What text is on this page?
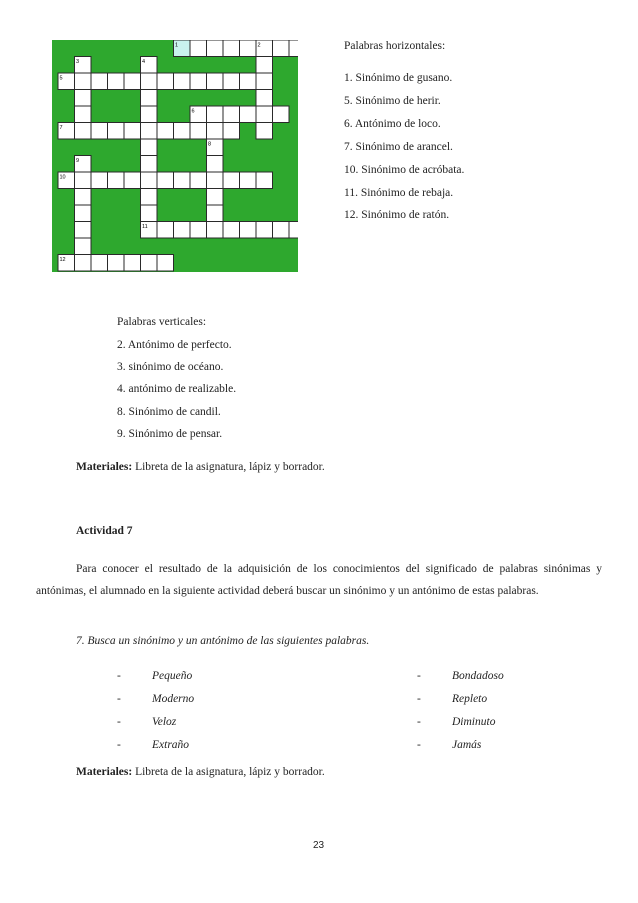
1	2
3	4
11
5
6
7
8
9
10
12
Palabras horizontales:
1. Sinónimo de gusano.
5. Sinónimo de herir.
6. Antónimo de loco.
7. Sinónimo de arancel.
10. Sinónimo de acróbata.
11. Sinónimo de rebaja.
12. Sinónimo de ratón.
Palabras verticales:
2. Antónimo de perfecto.
3. sinónimo de océano.
4. antónimo de realizable.
8. Sinónimo de candil.
9. Sinónimo de pensar.
Materiales: Libreta de la asignatura, lápiz y borrador.
Actividad 7
Para conocer el resultado de la adquisición de los conocimientos del significado de palabras sinónimas y antónimas, el alumnado en la siguiente actividad deberá buscar un sinónimo y un antónimo de estas palabras.
7. Busca un sinónimo y un antónimo de las siguientes palabras.
-	Pequeño
-	Moderno
-	Veloz
-	Extraño
-	Bondadoso
-	Repleto
-	Diminuto
-	Jamás
Materiales: Libreta de la asignatura, lápiz y borrador.
23
